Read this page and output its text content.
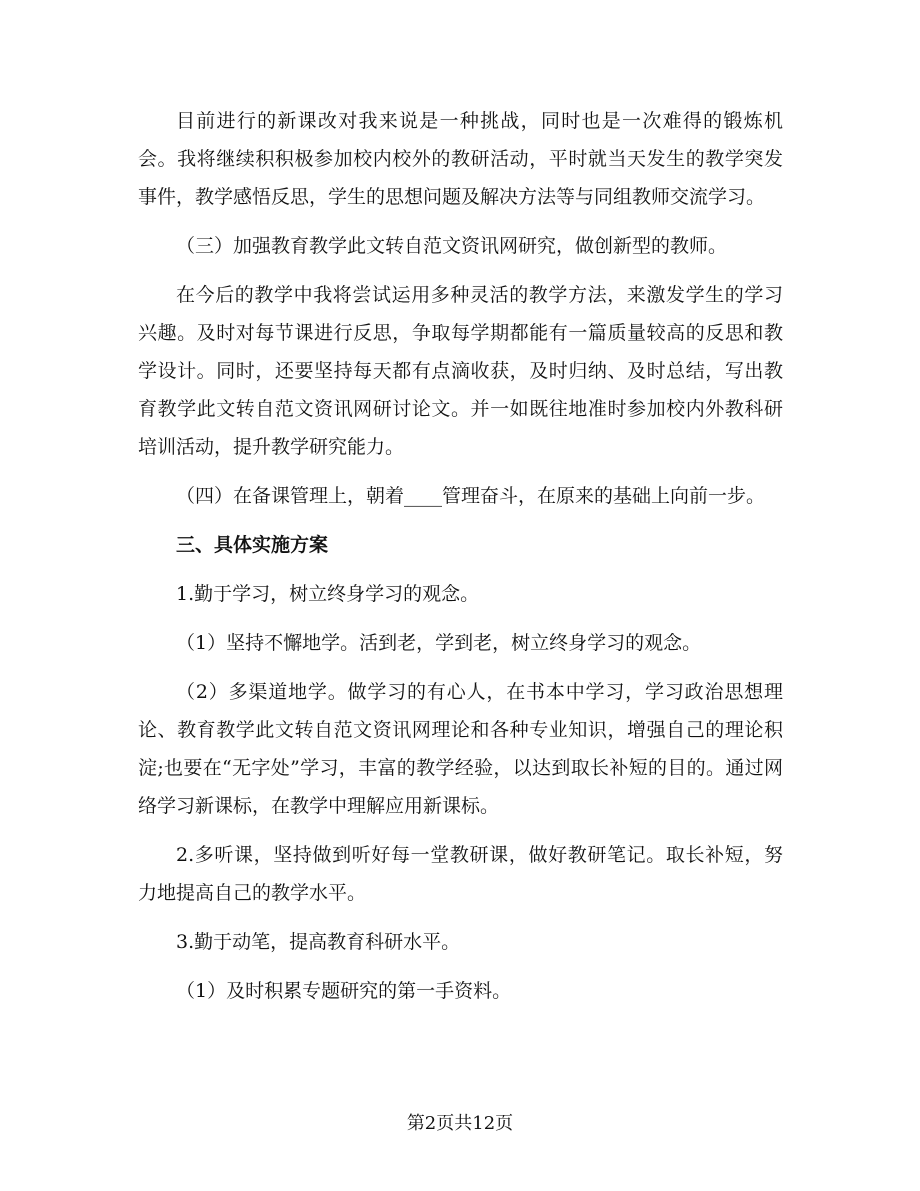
目前进行的新课改对我来说是一种挑战，同时也是一次难得的锻炼机会。我将继续积积极参加校内校外的教研活动，平时就当天发生的教学突发事件，教学感悟反思，学生的思想问题及解决方法等与同组教师交流学习。

（三）加强教育教学此文转自范文资讯网研究，做创新型的教师。

在今后的教学中我将尝试运用多种灵活的教学方法，来激发学生的学习兴趣。及时对每节课进行反思，争取每学期都能有一篇质量较高的反思和教学设计。同时，还要坚持每天都有点滴收获，及时归纳、及时总结，写出教育教学此文转自范文资讯网研讨论文。并一如既往地准时参加校内外教科研培训活动，提升教学研究能力。

（四）在备课管理上，朝着____管理奋斗，在原来的基础上向前一步。

三、具体实施方案

1.勤于学习，树立终身学习的观念。

（1）坚持不懈地学。活到老，学到老，树立终身学习的观念。

（2）多渠道地学。做学习的有心人，在书本中学习，学习政治思想理论、教育教学此文转自范文资讯网理论和各种专业知识，增强自己的理论积淀;也要在“无字处”学习，丰富的教学经验，以达到取长补短的目的。通过网络学习新课标，在教学中理解应用新课标。

2.多听课，坚持做到听好每一堂教研课，做好教研笔记。取长补短，努力地提高自己的教学水平。

3.勤于动笔，提高教育科研水平。

（1）及时积累专题研究的第一手资料。

第2页共12页
